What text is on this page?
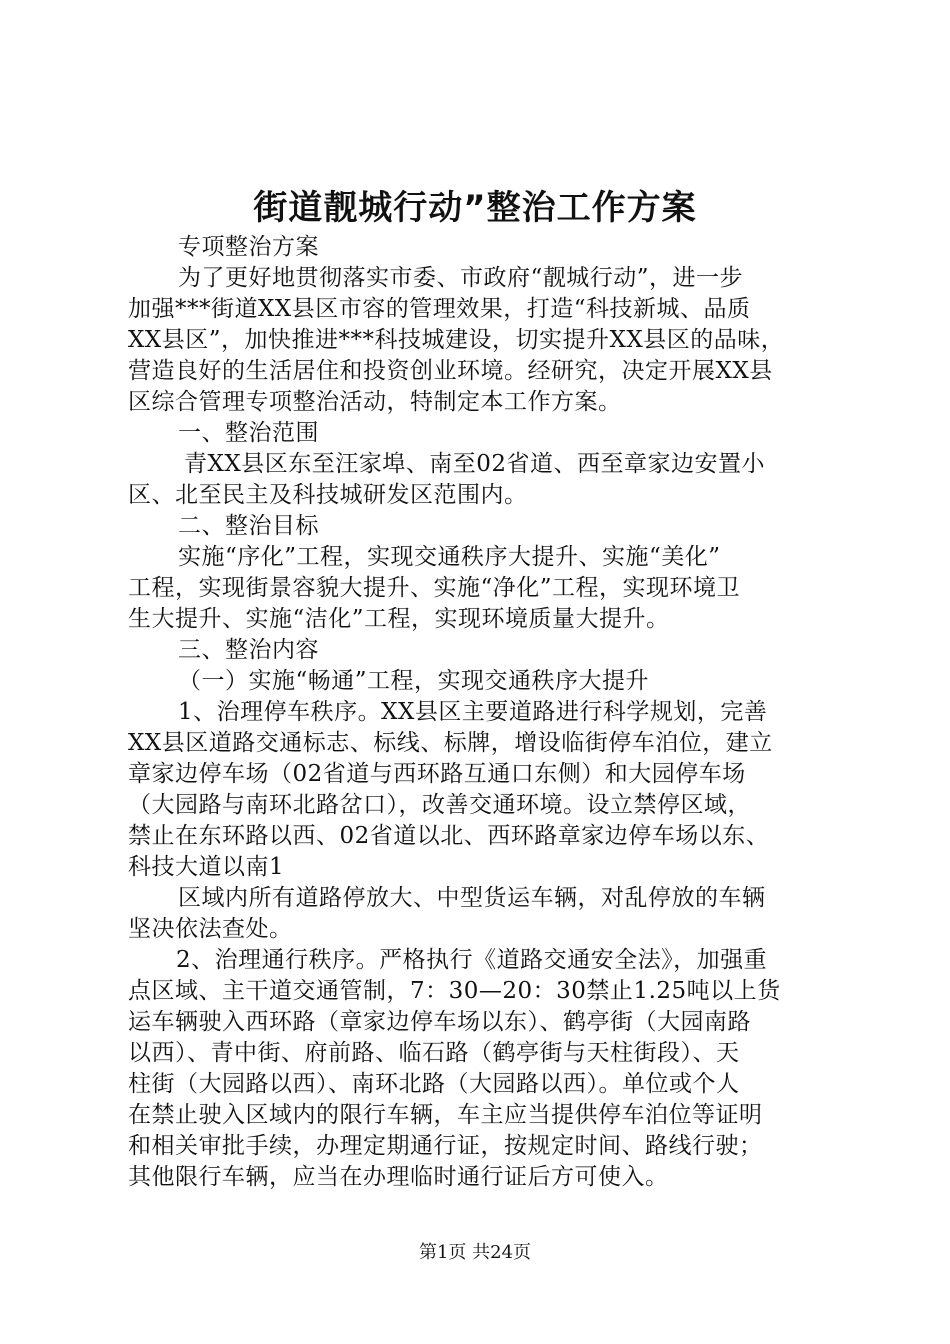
街道靓城行动”整治工作方案
专项整治方案
为了更好地贯彻落实市委、市政府“靓城行动”，进一步
加强***街道XX县区市容的管理效果，打造“科技新城、品质
XX县区”，加快推进***科技城建设，切实提升XX县区的品味，
营造良好的生活居住和投资创业环境。经研究，决定开展XX县
区综合管理专项整治活动，特制定本工作方案。
一、整治范围
青XX县区东至汪家埠、南至02省道、西至章家边安置小
区、北至民主及科技城研发区范围内。
二、整治目标
实施“序化”工程，实现交通秩序大提升、实施“美化”
工程，实现街景容貌大提升、实施“净化”工程，实现环境卫
生大提升、实施“洁化”工程，实现环境质量大提升。
三、整治内容
（一）实施“畅通”工程，实现交通秩序大提升
1、治理停车秩序。XX县区主要道路进行科学规划，完善
XX县区道路交通标志、标线、标牌，增设临街停车泊位，建立
章家边停车场（02省道与西环路互通口东侧）和大园停车场
（大园路与南环北路岔口），改善交通环境。设立禁停区域，
禁止在东环路以西、02省道以北、西环路章家边停车场以东、
科技大道以南1
区域内所有道路停放大、中型货运车辆，对乱停放的车辆
坚决依法查处。
2、治理通行秩序。严格执行《道路交通安全法》，加强重
点区域、主干道交通管制，7：30—20：30禁止1.25吨以上货
运车辆驶入西环路（章家边停车场以东）、鹤亭街（大园南路
以西）、青中街、府前路、临石路（鹤亭街与天柱街段）、天
柱街（大园路以西）、南环北路（大园路以西）。单位或个人
在禁止驶入区域内的限行车辆，车主应当提供停车泊位等证明
和相关审批手续，办理定期通行证，按规定时间、路线行驶；
其他限行车辆，应当在办理临时通行证后方可使入。
第1页 共24页
